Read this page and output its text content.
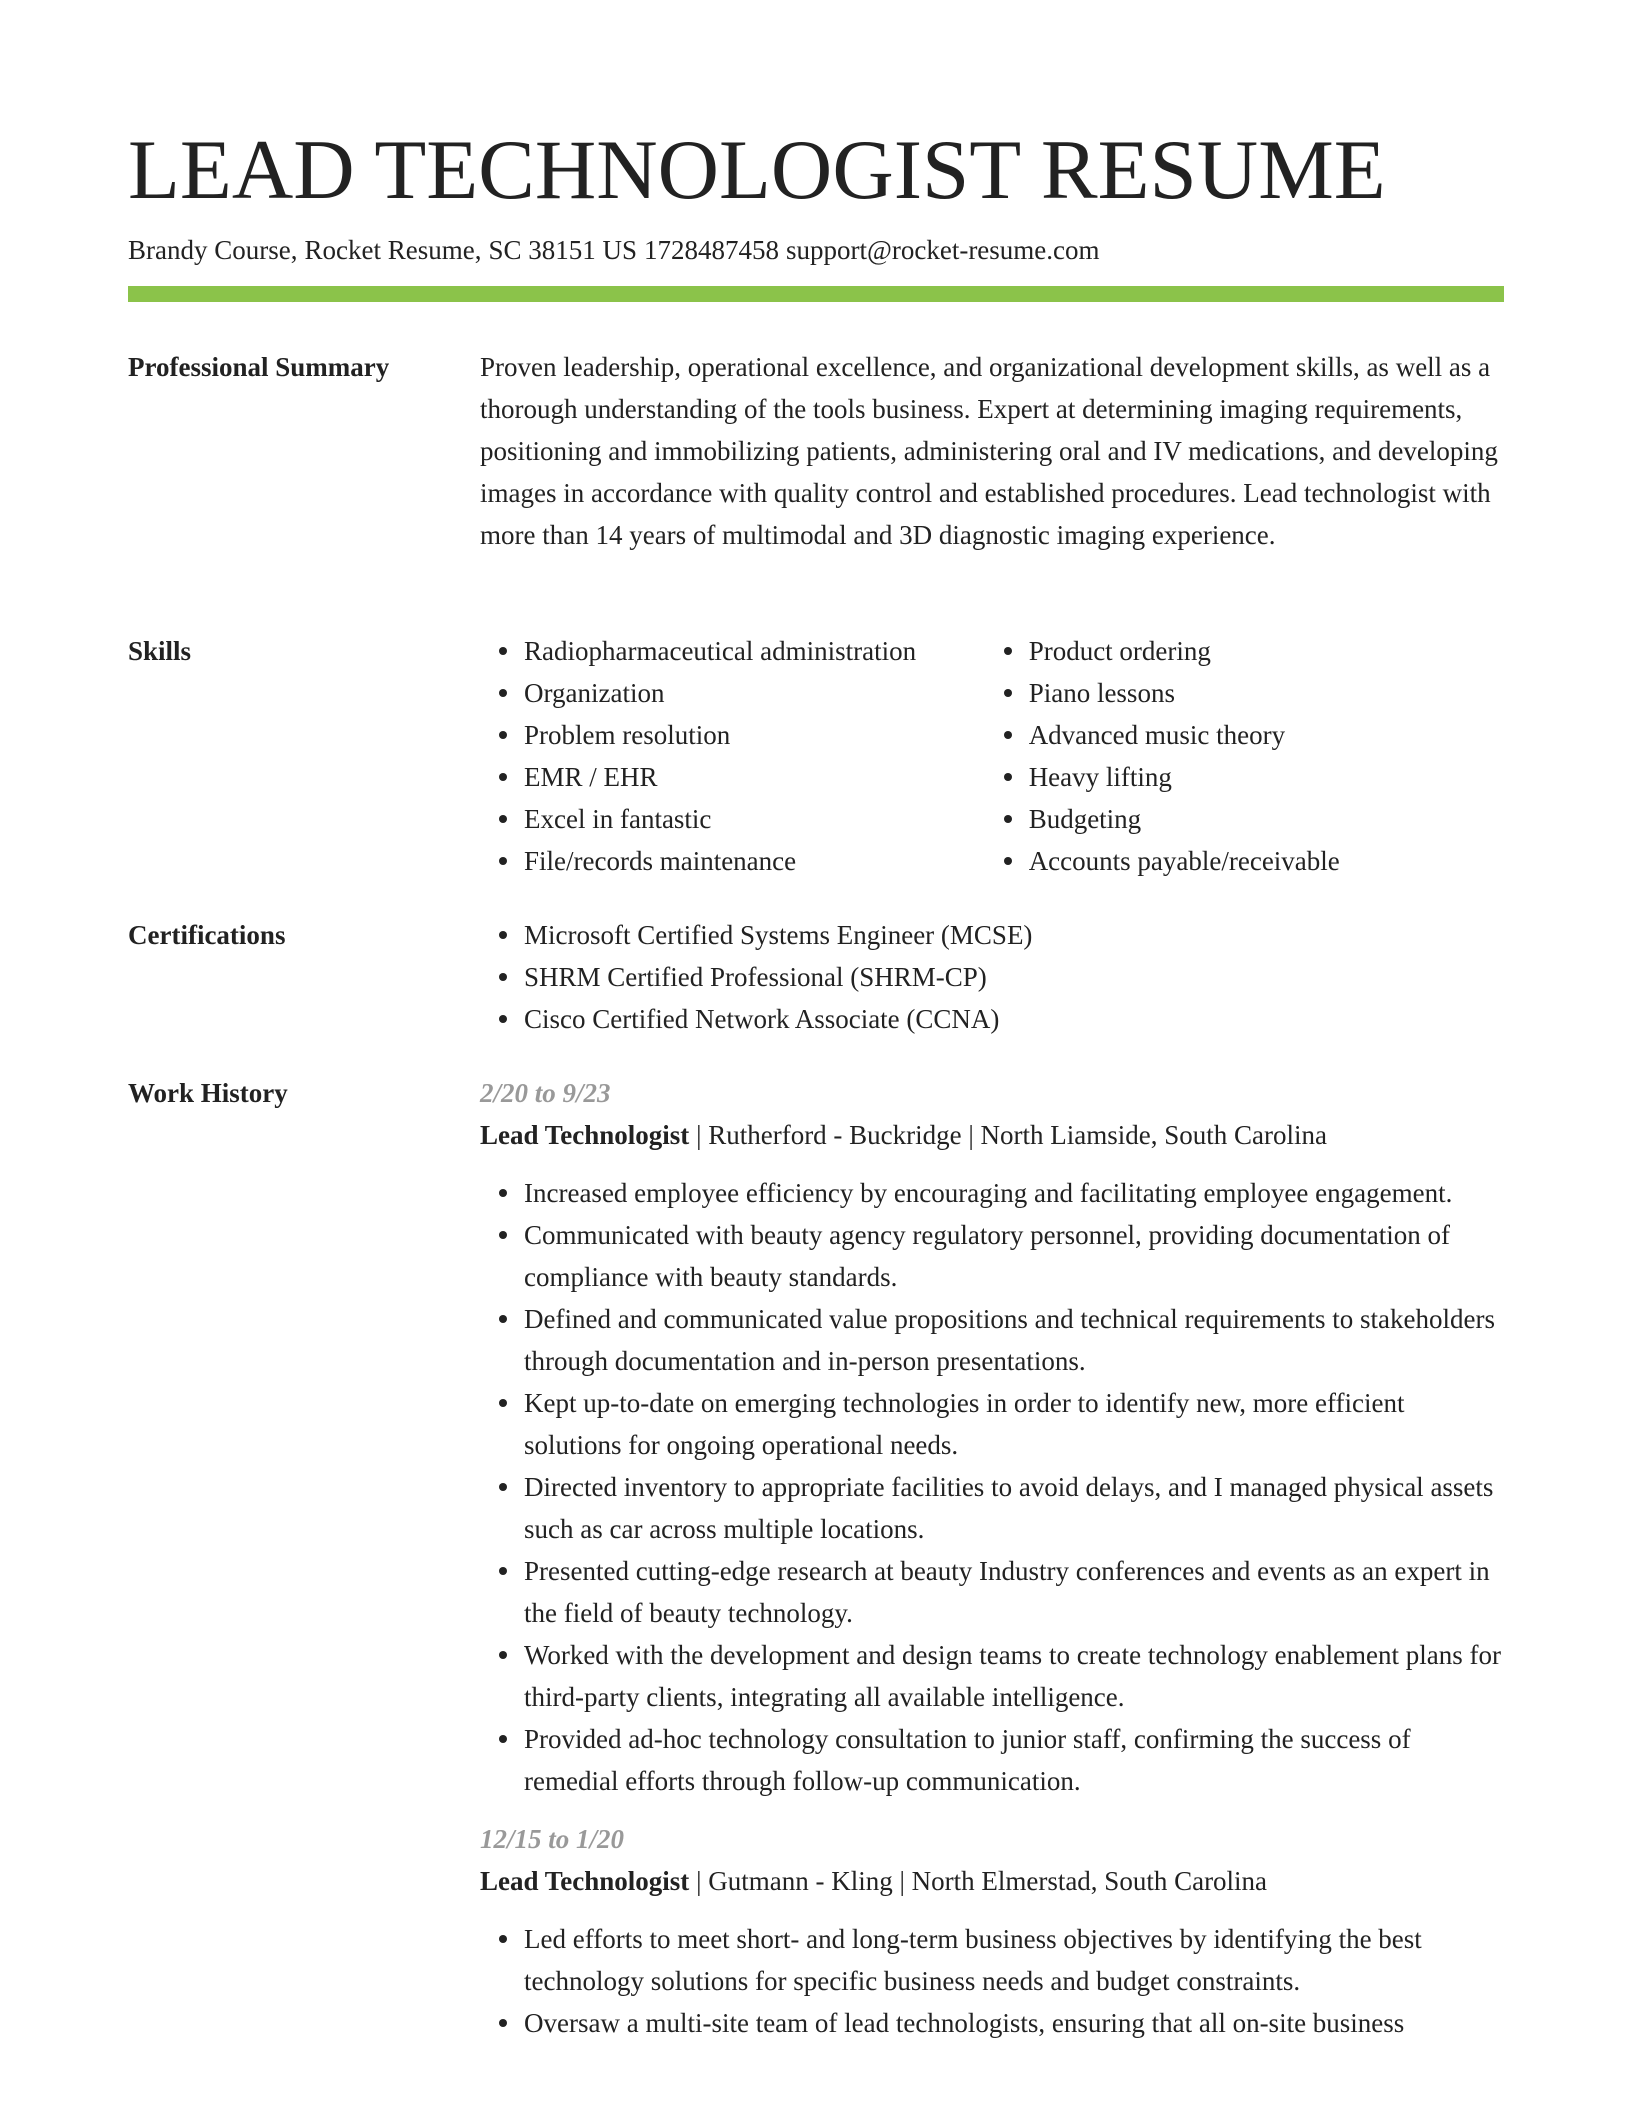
LEAD TECHNOLOGIST RESUME
Brandy Course, Rocket Resume, SC 38151 US 1728487458 support@rocket-resume.com
Professional Summary	Proven leadership, operational excellence, and organizational development skills, as well as a thorough understanding of the tools business. Expert at determining imaging requirements, positioning and immobilizing patients, administering oral and IV medications, and developing images in accordance with quality control and established procedures. Lead technologist with more than 14 years of multimodal and 3D diagnostic imaging experience.

Skills	Radiopharmaceutical administration
Organization
Problem resolution
EMR / EHR
Excel in fantastic
File/records maintenance
Product ordering
Piano lessons
Advanced music theory
Heavy lifting
Budgeting
Accounts payable/receivable
Certifications	Microsoft Certified Systems Engineer (MCSE)
SHRM Certified Professional (SHRM-CP)
Cisco Certified Network Associate (CCNA)
Work History	2/20 to 9/23

Lead Technologist | Rutherford - Buckridge | North Liamside, South Carolina

Increased employee efficiency by encouraging and facilitating employee engagement.
Communicated with beauty agency regulatory personnel, providing documentation of compliance with beauty standards.
Defined and communicated value propositions and technical requirements to stakeholders through documentation and in-person presentations.
Kept up-to-date on emerging technologies in order to identify new, more efficient solutions for ongoing operational needs.
Directed inventory to appropriate facilities to avoid delays, and I managed physical assets such as car across multiple locations.
Presented cutting-edge research at beauty Industry conferences and events as an expert in the field of beauty technology.
Worked with the development and design teams to create technology enablement plans for third-party clients, integrating all available intelligence.
Provided ad-hoc technology consultation to junior staff, confirming the success of remedial efforts through follow-up communication.

12/15 to 1/20

Lead Technologist | Gutmann - Kling | North Elmerstad, South Carolina

Led efforts to meet short- and long-term business objectives by identifying the best technology solutions for specific business needs and budget constraints.
Oversaw a multi-site team of lead technologists, ensuring that all on-site business
